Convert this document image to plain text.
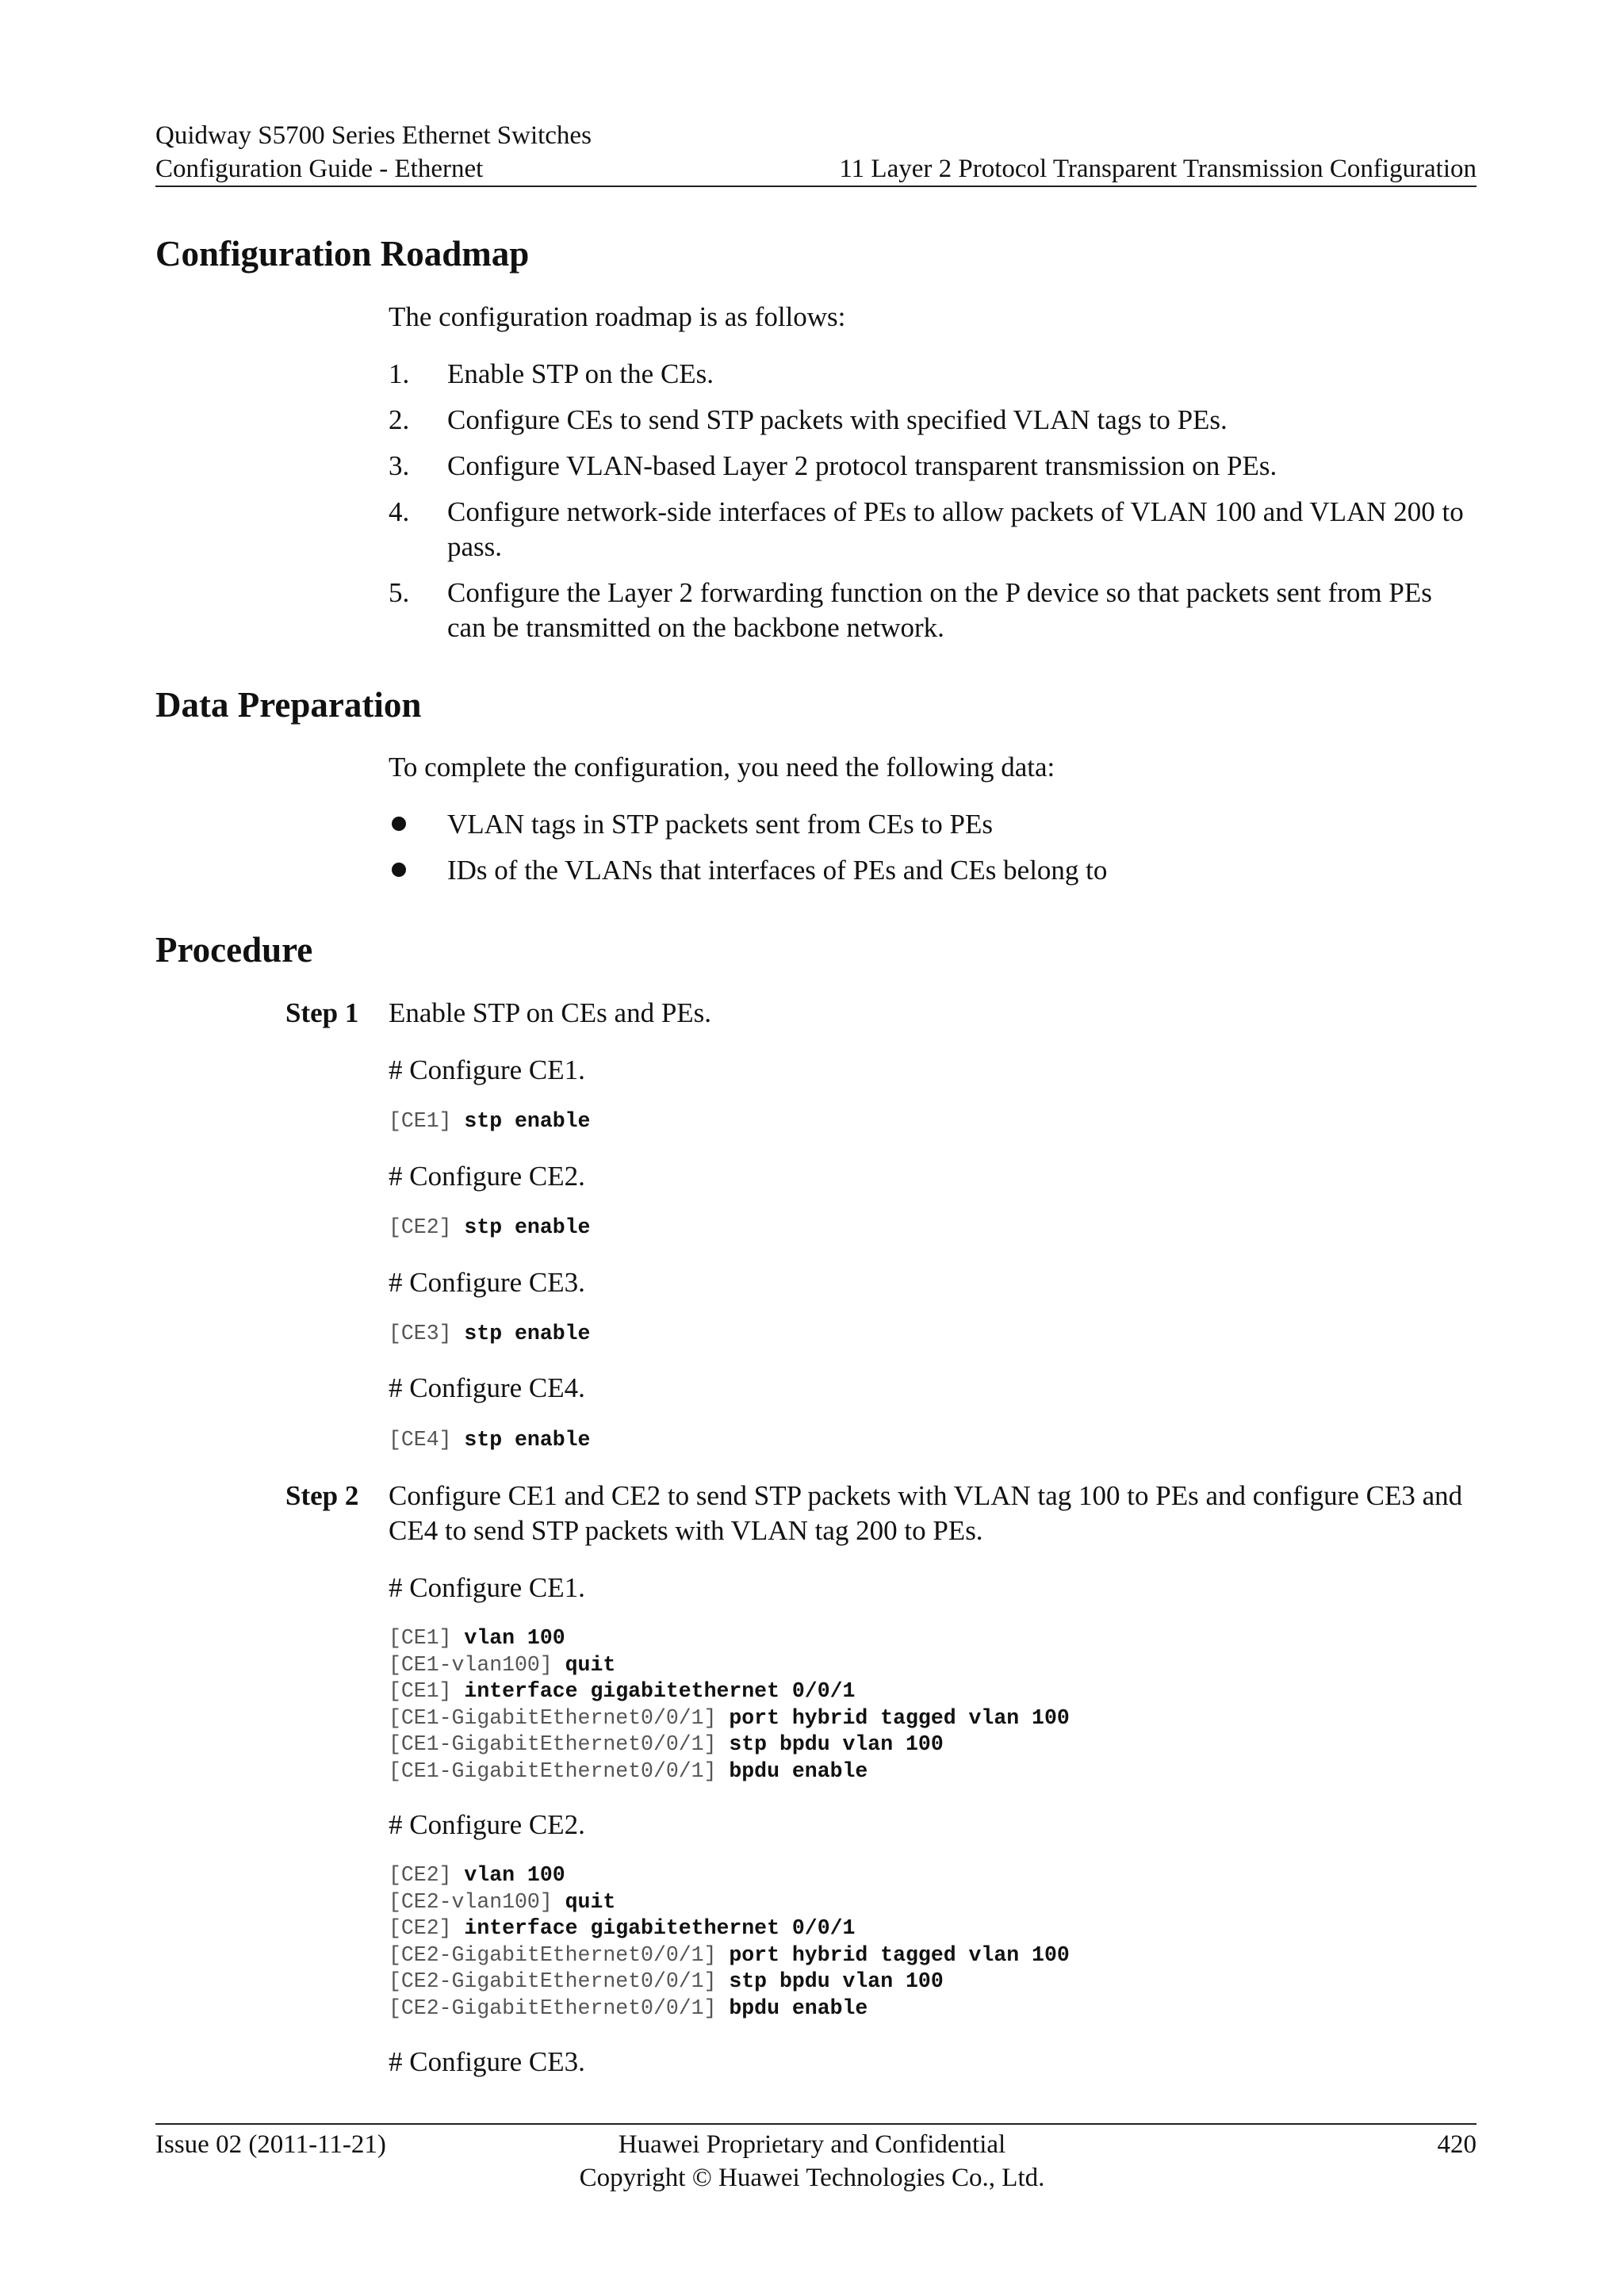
Quidway S5700 Series Ethernet Switches
Configuration Guide - Ethernet	11 Layer 2 Protocol Transparent Transmission Configuration
Configuration Roadmap
The configuration roadmap is as follows:
1. Enable STP on the CEs.
2. Configure CEs to send STP packets with specified VLAN tags to PEs.
3. Configure VLAN-based Layer 2 protocol transparent transmission on PEs.
4. Configure network-side interfaces of PEs to allow packets of VLAN 100 and VLAN 200 to pass.
5. Configure the Layer 2 forwarding function on the P device so that packets sent from PEs can be transmitted on the backbone network.
Data Preparation
To complete the configuration, you need the following data:
VLAN tags in STP packets sent from CEs to PEs
IDs of the VLANs that interfaces of PEs and CEs belong to
Procedure
Step 1 Enable STP on CEs and PEs.
# Configure CE1.
[CE1] stp enable
# Configure CE2.
[CE2] stp enable
# Configure CE3.
[CE3] stp enable
# Configure CE4.
[CE4] stp enable
Step 2 Configure CE1 and CE2 to send STP packets with VLAN tag 100 to PEs and configure CE3 and CE4 to send STP packets with VLAN tag 200 to PEs.
# Configure CE1.
[CE1] vlan 100
[CE1-vlan100] quit
[CE1] interface gigabitethernet 0/0/1
[CE1-GigabitEthernet0/0/1] port hybrid tagged vlan 100
[CE1-GigabitEthernet0/0/1] stp bpdu vlan 100
[CE1-GigabitEthernet0/0/1] bpdu enable
# Configure CE2.
[CE2] vlan 100
[CE2-vlan100] quit
[CE2] interface gigabitethernet 0/0/1
[CE2-GigabitEthernet0/0/1] port hybrid tagged vlan 100
[CE2-GigabitEthernet0/0/1] stp bpdu vlan 100
[CE2-GigabitEthernet0/0/1] bpdu enable
# Configure CE3.
Issue 02 (2011-11-21)	Huawei Proprietary and Confidential
Copyright © Huawei Technologies Co., Ltd.
420
